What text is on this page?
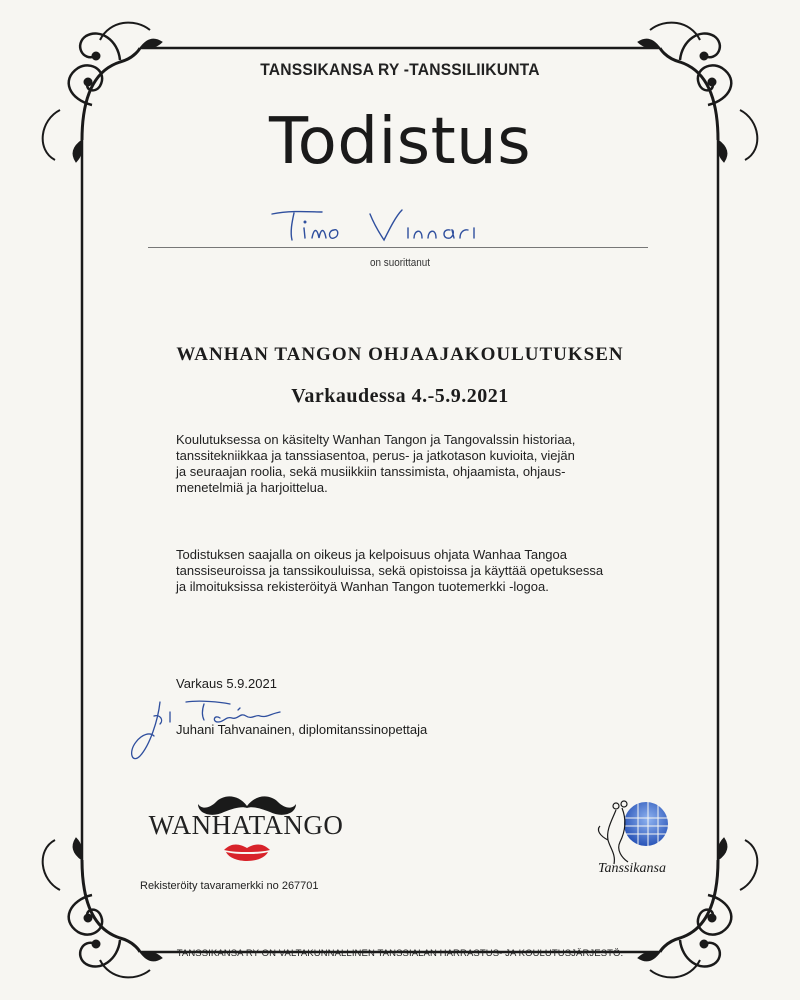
TANSSIKANSA RY -TANSSILIIKUNTA
Todistus
on suorittanut
WANHAN TANGON OHJAAJAKOULUTUKSEN
Varkaudessa 4.-5.9.2021
Koulutuksessa on käsitelty Wanhan Tangon ja Tangovalssin historiaa,
tanssitekniikkaa ja tanssiasentoa, perus- ja jatkotason kuvioita, viejän
ja seuraajan roolia, sekä musiikkiin tanssimista, ohjaamista, ohjaus-
menetelmiä ja harjoittelua.
Todistuksen saajalla on oikeus ja kelpoisuus ohjata Wanhaa Tangoa
tanssiseuroissa ja tanssikouluissa, sekä opistoissa ja käyttää opetuksessa
ja ilmoituksissa rekisteröityä Wanhan Tangon tuotemerkki -logoa.
Varkaus 5.9.2021
Juhani Tahvanainen, diplomitanssinopettaja
WANHATANGO
Rekisteröity tavaramerkki no 267701
Tanssikansa
TANSSIKANSA RY ON VALTAKUNNALLINEN TANSSIALAN HARRASTUS- JA KOULUTUSJÄRJESTÖ.
